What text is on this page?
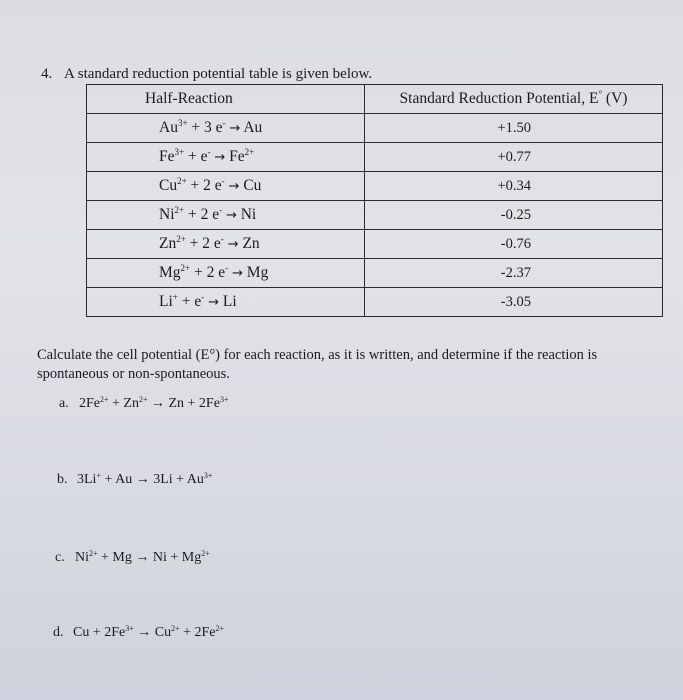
4. A standard reduction potential table is given below.
Half-Reaction	Standard Reduction Potential, E° (V)
$Au^{3+} + 3$ e- → Au	+1.50
$Fe^{3+} + e^- \to Fe^{2+}$	+0.77
$Cu^{2+} + 2$ e- → Cu	+0.34
$Ni^{2+} + 2$ e- → Ni	-0.25
$Zn^{2+} + 2$ e- → Zn	-0.76
$Mg^{2+} + 2$ e- → Mg	-2.37
Li+ + e- → Li	-3.05
Calculate the cell potential (E°) for each reaction, as it is written, and determine if the reaction is spontaneous or non-spontaneous.
a. $2Fe^{2+} + Zn^{2+} \to Zn + 2Fe^{3+}$
b. $3Li^+ + Au \to 3Li + Au^{3+}$
c. $Ni^{2+} + Mg \to Ni + Mg^{2+}$
d. $Cu + 2Fe^{3+} \to Cu^{2+} + 2Fe^{2+}$
